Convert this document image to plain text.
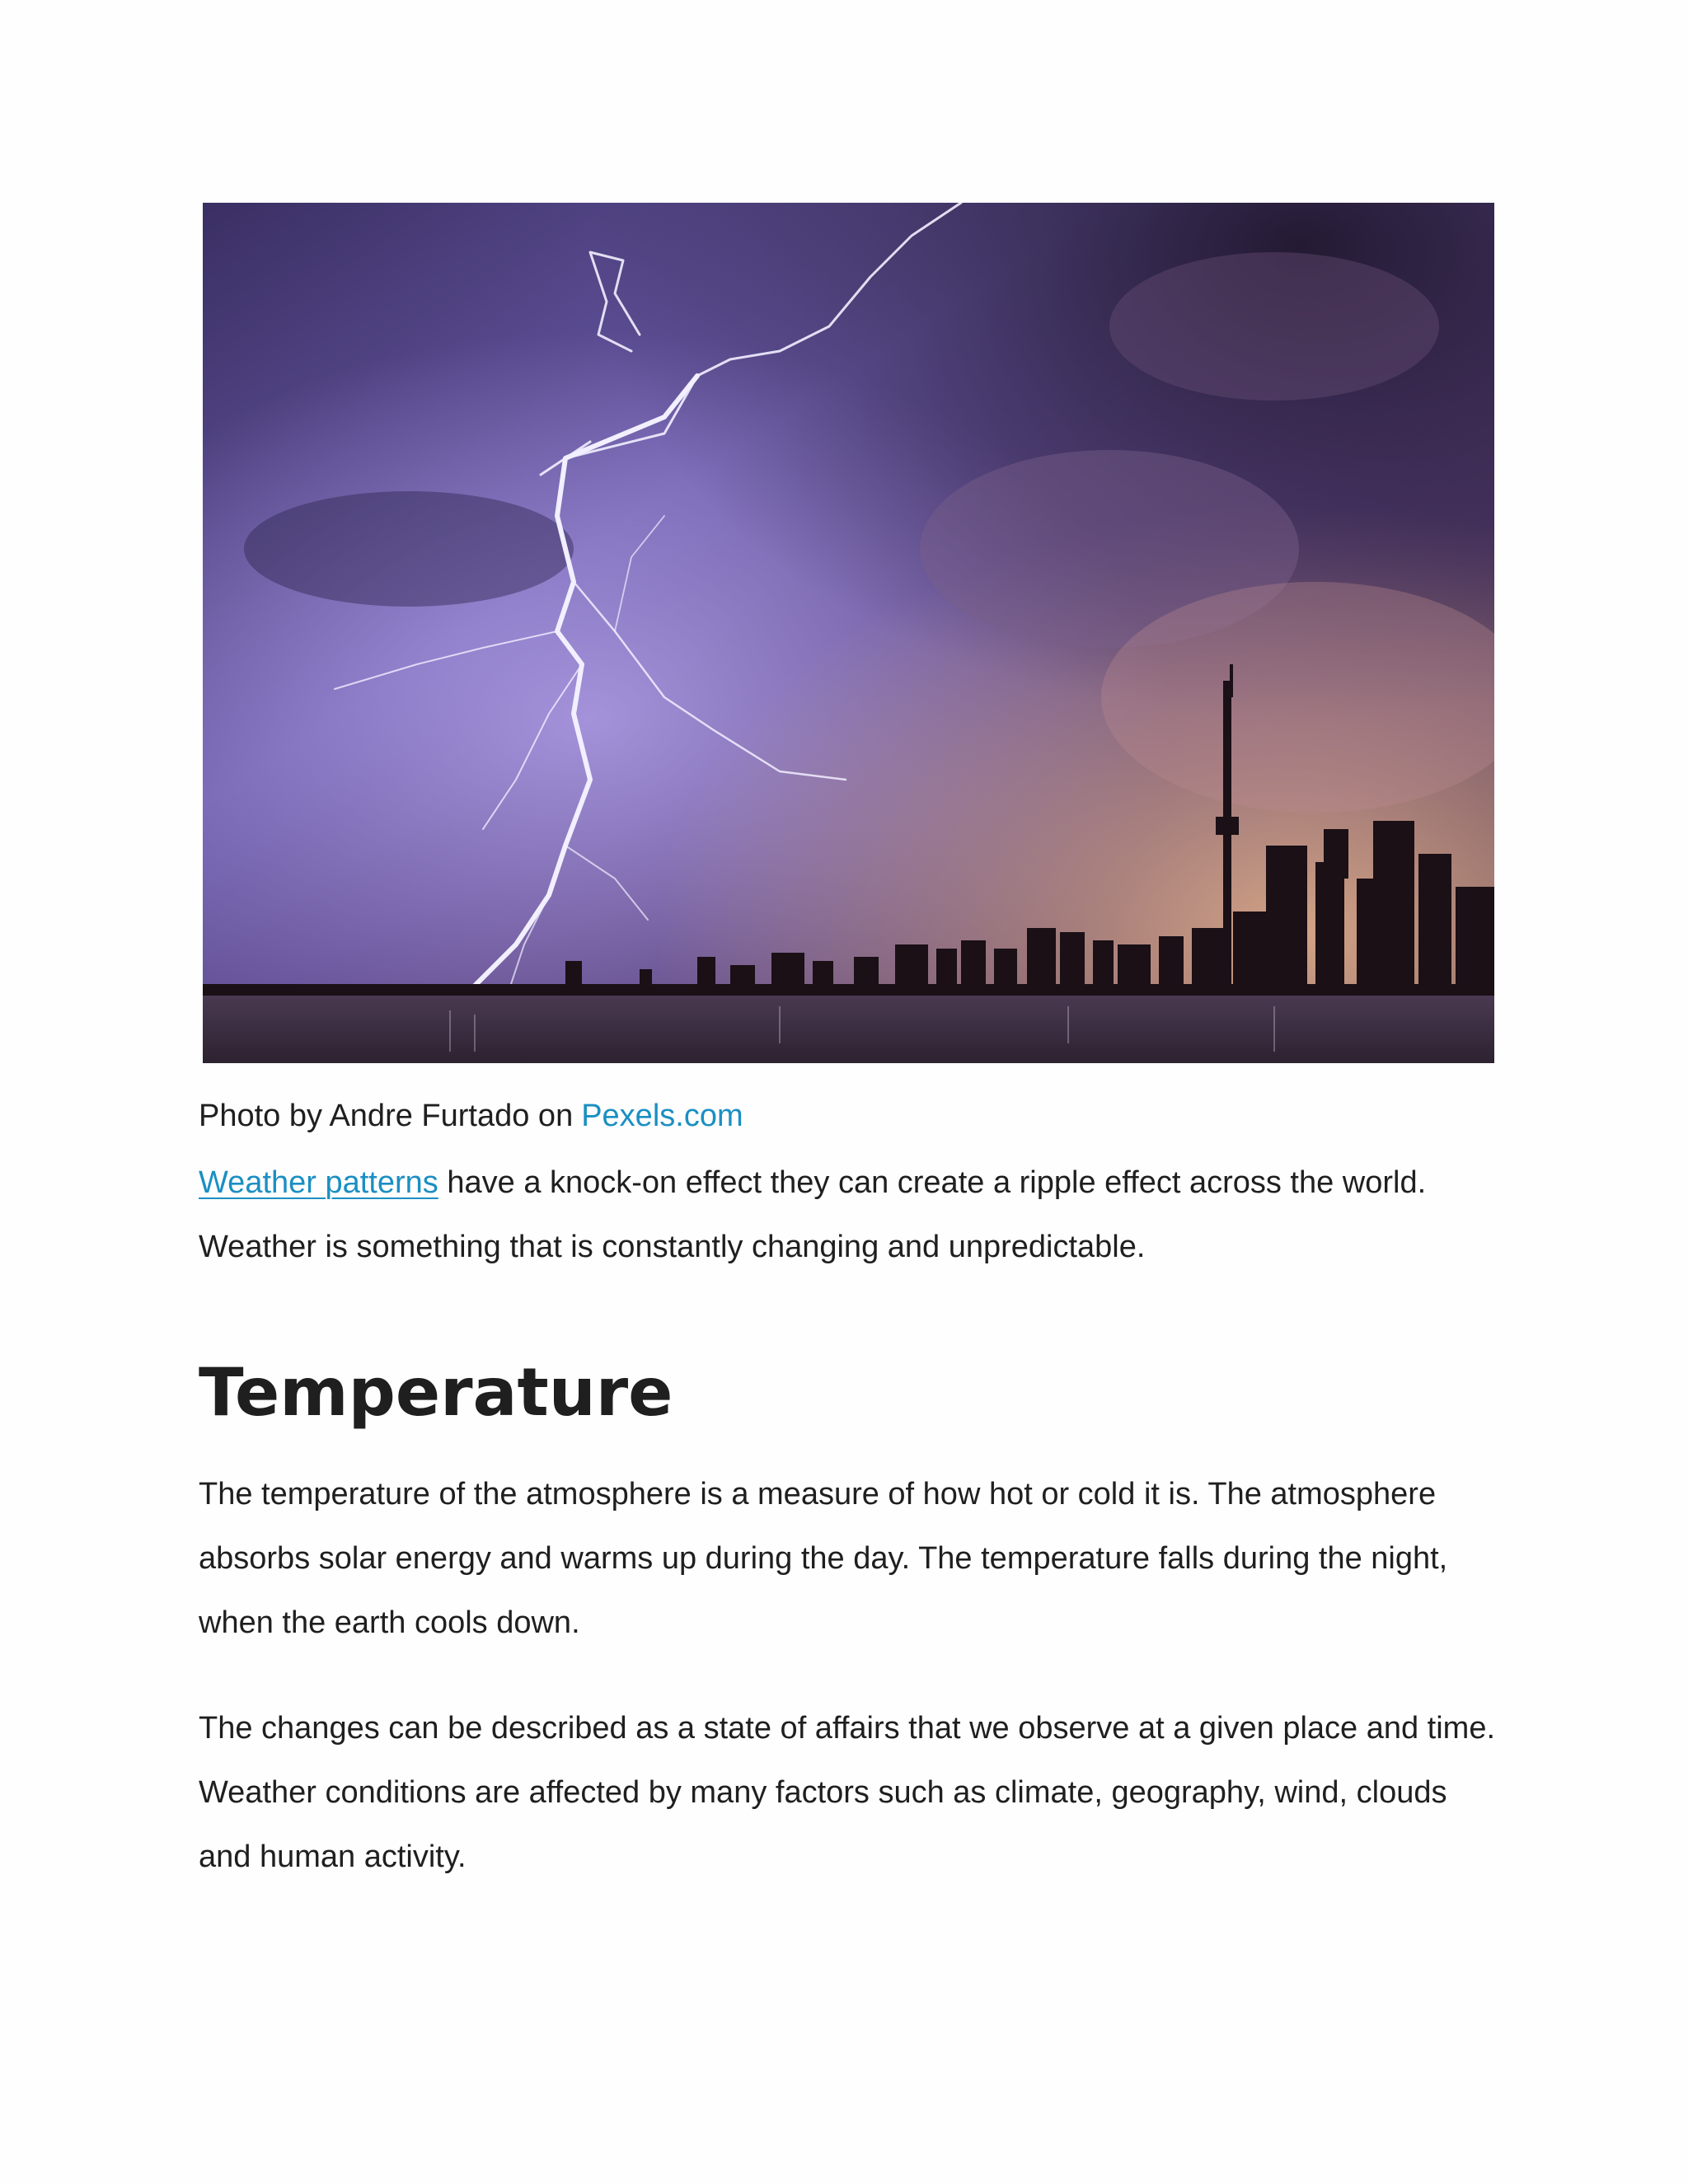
Photo by Andre Furtado on Pexels.com

Weather patterns have a knock-on effect they can create a ripple effect across the world. Weather is something that is constantly changing and unpredictable.

Temperature

The temperature of the atmosphere is a measure of how hot or cold it is. The atmosphere absorbs solar energy and warms up during the day. The temperature falls during the night, when the earth cools down.

The changes can be described as a state of affairs that we observe at a given place and time. Weather conditions are affected by many factors such as climate, geography, wind, clouds and human activity.
